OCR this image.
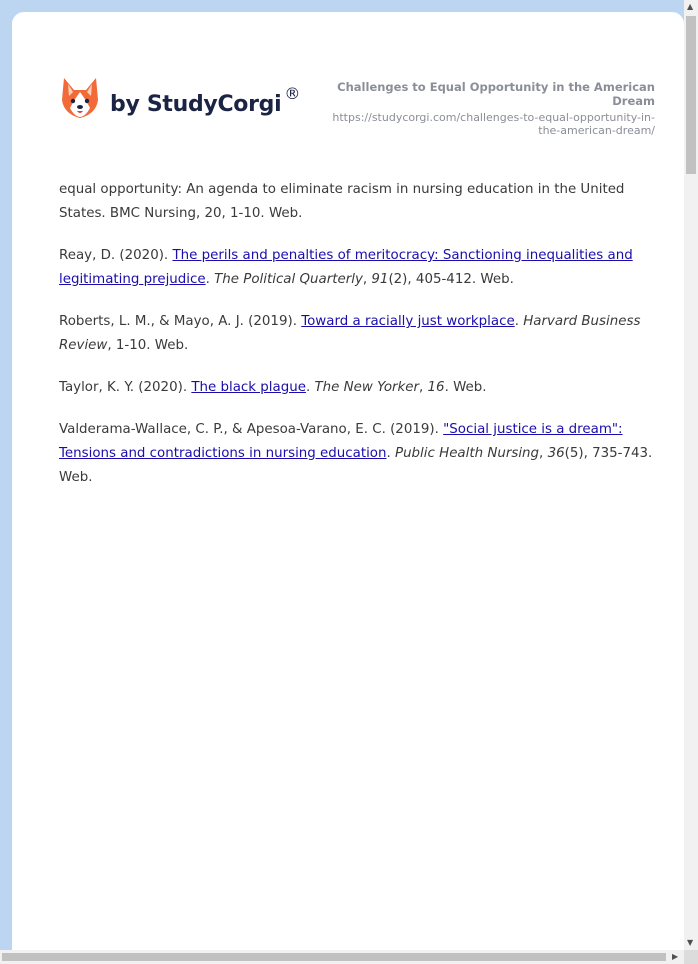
by StudyCorgi ®	Challenges to Equal Opportunity in the American Dream
https://studycorgi.com/challenges-to-equal-opportunity-in-the-american-dream/

equal opportunity: An agenda to eliminate racism in nursing education in the United States. BMC Nursing, 20, 1-10. Web.

Reay, D. (2020). The perils and penalties of meritocracy: Sanctioning inequalities and legitimating prejudice. The Political Quarterly, 91(2), 405-412. Web.

Roberts, L. M., & Mayo, A. J. (2019). Toward a racially just workplace. Harvard Business Review, 1-10. Web.

Taylor, K. Y. (2020). The black plague. The New Yorker, 16. Web.

Valderama-Wallace, C. P., & Apesoa-Varano, E. C. (2019). "Social justice is a dream": Tensions and contradictions in nursing education. Public Health Nursing, 36(5), 735-743. Web.

▲
▼
▶
